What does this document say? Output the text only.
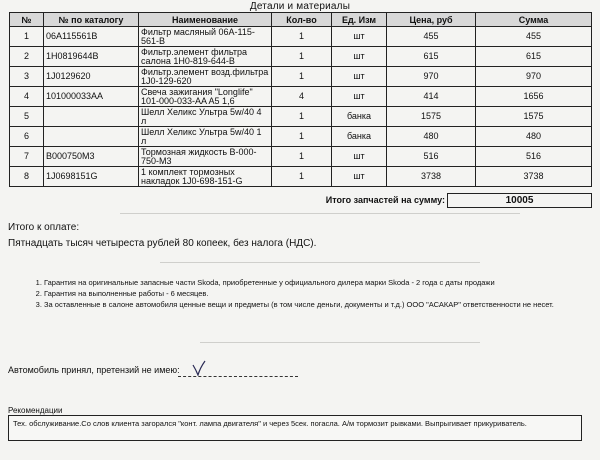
Детали и материалы
№	№ по каталогу	Наименование	Кол-во	Ед. Изм	Цена, руб	Сумма
1	06A115561B	Фильтр масляный 06A-115-561-B	1	шт	455	455
2	1H0819644B	Фильтр.элемент фильтра салона 1H0-819-644-B	1	шт	615	615
3	1J0129620	Фильтр.элемент возд.фильтра 1J0-129-620	1	шт	970	970
4	101000033AA	Свеча зажигания "Longlife" 101-000-033-AA A5 1,6	4	шт	414	1656
5		Шелл Хеликс Ультра 5w/40 4 л	1	банка	1575	1575
6		Шелл Хеликс Ультра 5w/40 1 л	1	банка	480	480
7	B000750M3	Тормозная жидкость B-000-750-M3	1	шт	516	516
8	1J0698151G	1 комплект тормозных накладок 1J0-698-151-G	1	шт	3738	3738
Итого запчастей на сумму:	10005
Итого к оплате:
Пятнадцать тысяч четыреста рублей 80 копеек, без налога (НДС).
1. Гарантия на оригинальные запасные части Skoda, приобретенные у официального дилера марки Skoda - 2 года с даты продажи
2. Гарантия на выполненные работы - 6 месяцев.
3. За оставленные в салоне автомобиля ценные вещи и предметы (в том числе деньги, документы и т.д.) ООО "АСАКАР" ответственности не несет.
Автомобиль принял, претензий не имею:
Рекомендации
Тех. обслуживание.Со слов клиента загорался "конт. лампа двигателя" и через 5сек. погасла. А/м тормозит рывками. Выпрыгивает прикуриватель.
